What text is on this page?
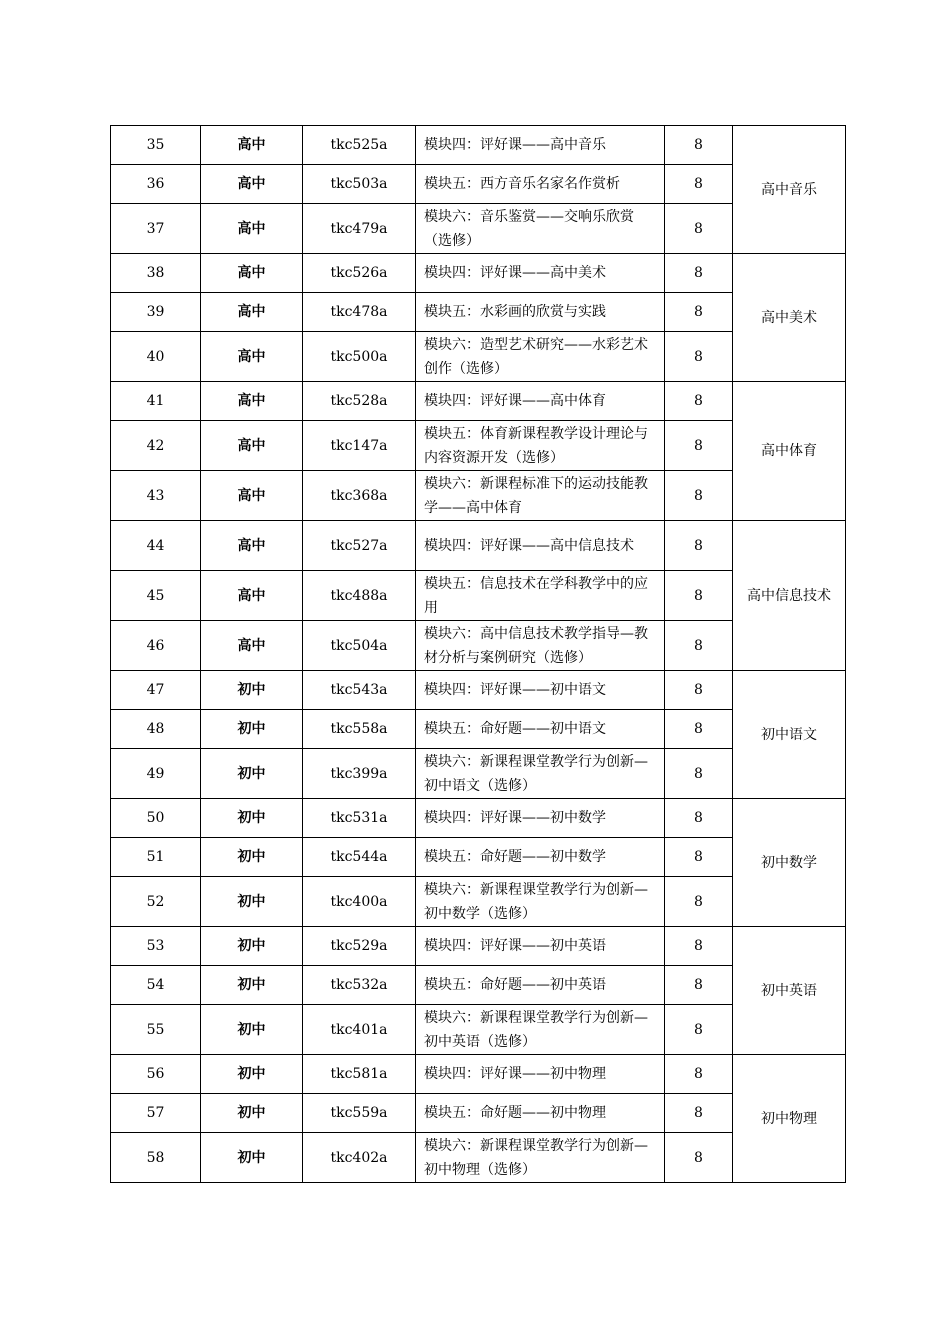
35	高中	tkc525a	模块四：评好课——高中音乐	8	高中音乐
36	高中	tkc503a	模块五：西方音乐名家名作赏析	8	
37	高中	tkc479a	模块六：音乐鉴赏——交响乐欣赏（选修）	8	
38	高中	tkc526a	模块四：评好课——高中美术	8	高中美术
39	高中	tkc478a	模块五：水彩画的欣赏与实践	8	
40	高中	tkc500a	模块六：造型艺术研究——水彩艺术创作（选修）	8	
41	高中	tkc528a	模块四：评好课——高中体育	8	高中体育
42	高中	tkc147a	模块五：体育新课程教学设计理论与内容资源开发（选修）	8	
43	高中	tkc368a	模块六：新课程标准下的运动技能教学——高中体育	8	
44	高中	tkc527a	模块四：评好课——高中信息技术	8	高中信息技术
45	高中	tkc488a	模块五：信息技术在学科教学中的应用	8	
46	高中	tkc504a	模块六：高中信息技术教学指导—教材分析与案例研究（选修）	8	
47	初中	tkc543a	模块四：评好课——初中语文	8	初中语文
48	初中	tkc558a	模块五：命好题——初中语文	8	
49	初中	tkc399a	模块六：新课程课堂教学行为创新—初中语文（选修）	8	
50	初中	tkc531a	模块四：评好课——初中数学	8	初中数学
51	初中	tkc544a	模块五：命好题——初中数学	8	
52	初中	tkc400a	模块六：新课程课堂教学行为创新—初中数学（选修）	8	
53	初中	tkc529a	模块四：评好课——初中英语	8	初中英语
54	初中	tkc532a	模块五：命好题——初中英语	8	
55	初中	tkc401a	模块六：新课程课堂教学行为创新—初中英语（选修）	8	
56	初中	tkc581a	模块四：评好课——初中物理	8	初中物理
57	初中	tkc559a	模块五：命好题——初中物理	8	
58	初中	tkc402a	模块六：新课程课堂教学行为创新—初中物理（选修）	8	
